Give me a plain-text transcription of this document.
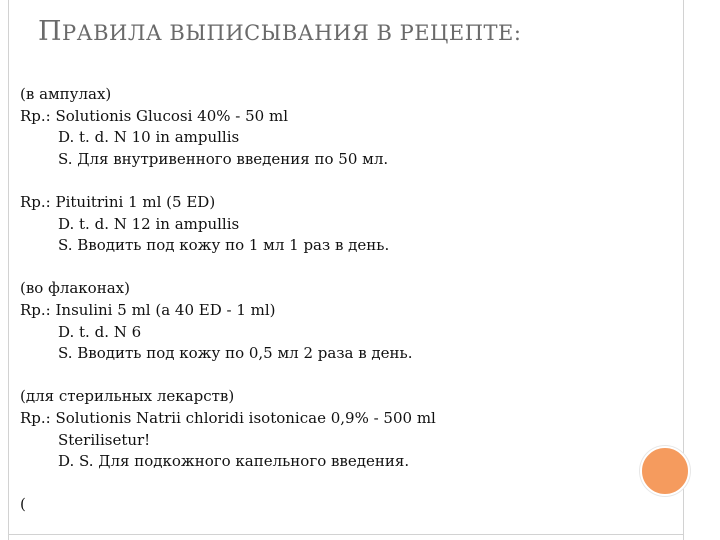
ПРАВИЛА ВЫПИСЫВАНИЯ В РЕЦЕПТЕ:
(в ампулах)
Rp.: Solutionis Glucosi 40% - 50 ml
D. t. d. N 10 in ampullis
S. Для внутривенного введения по 50 мл.
Rp.: Pituitrini 1 ml (5 ED)
D. t. d. N 12 in ampullis
S. Вводить под кожу по 1 мл 1 раз в день.
(во флаконах)
Rp.: Insulini 5 ml (a 40 ED - 1 ml)
D. t. d. N 6
S. Вводить под кожу по 0,5 мл 2 раза в день.
(для стерильных лекарств)
Rp.: Solutionis Natrii chloridi isotonicae 0,9% - 500 ml
Sterilisetur!
D. S. Для подкожного капельного введения.
(
